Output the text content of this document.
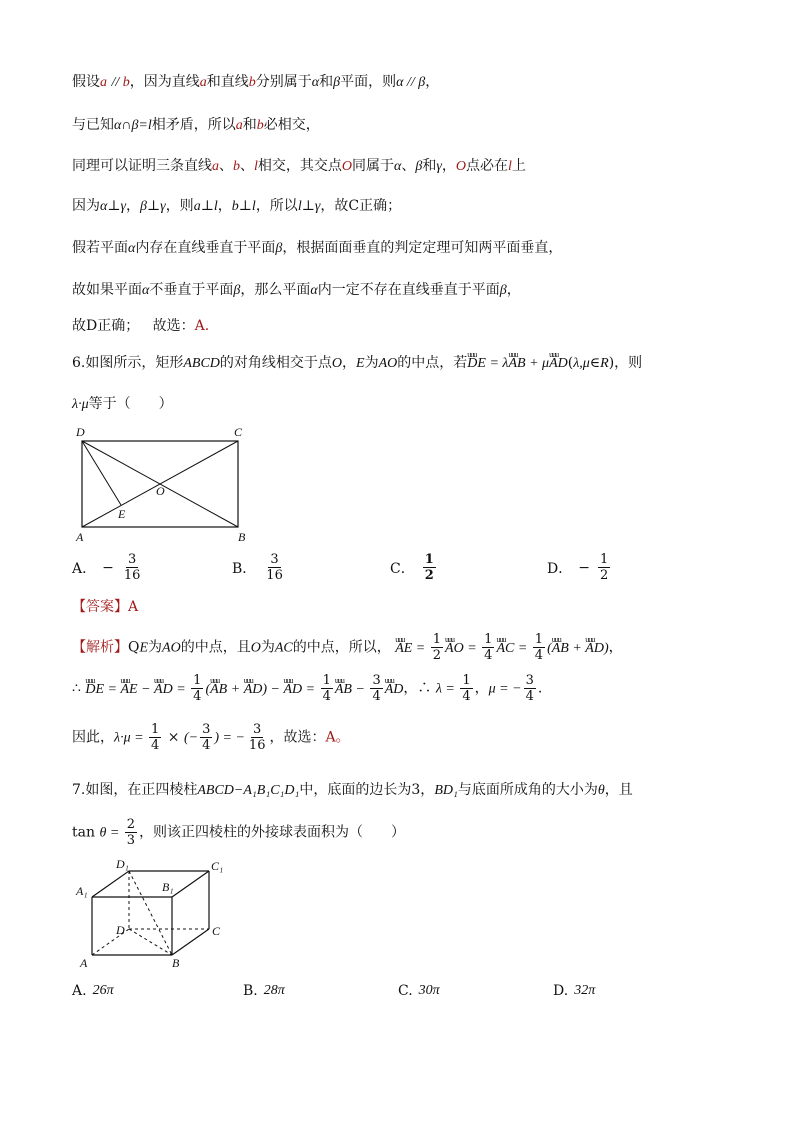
假设a // b，因为直线a和直线b分别属于α和β平面，则α // β，
与已知α∩β=l相矛盾，所以a和b必相交，
同理可以证明三条直线a、b、l相交，其交点O同属于α、β和γ，O点必在l上
因为α⊥γ，β⊥γ，则a⊥l，b⊥l，所以l⊥γ，故C正确；
假若平面α内存在直线垂直于平面β，根据面面垂直的判定定理可知两平面垂直，
故如果平面α不垂直于平面β，那么平面α内一定不存在直线垂直于平面β，
故D正确； 故选：A.
6.如图所示，矩形ABCD的对角线相交于点O，E为AO的中点，若uuu DE = λuuu AB + μuuu AD(λ,μ∈R)，则
λ·μ等于（　　）
D	C
O
E
A	B
A． − $\frac{3}{16}$	B． $\frac{3}{16}$	C． $\frac{1}{2}$	D． − $\frac{1}{2}$
【答案】A
【解析】QE为AO的中点，且O为AC的中点，所以， uuu AE = $\frac{1}{2}$ uuu AO = $\frac{1}{4}$ uuu AC = $\frac{1}{4} (uuu$ AB + uuu AD)，
∴ uuu DE = uuu AE − uuu AD = $\frac{1}{4} (uuu$ AB + uuu AD) − uuu AD = $\frac{1}{4}$ uuu AB − $\frac{3}{4}$ uuu AD，∴ $\lambda = \frac{1}{4}$ ，μ = − $\frac{3}{4}$ .
因此，$\lambda\cdot\mu = \frac{1}{4}$ × (− $\frac{3}{4}$ ) = − $\frac{3}{16}$ ，故选：A。
7.如图，在正四棱柱ABCD−A₁B₁C₁D₁中，底面的边长为3，BD₁与底面所成角的大小为θ，且
$\tan \theta = \frac{2}{3}$ ，则该正四棱柱的外接球表面积为（　　）
D₁	C₁
A₁	B₁
D	C
A	B
A. 26π	B. 28π	C. 30π	D. 32π
